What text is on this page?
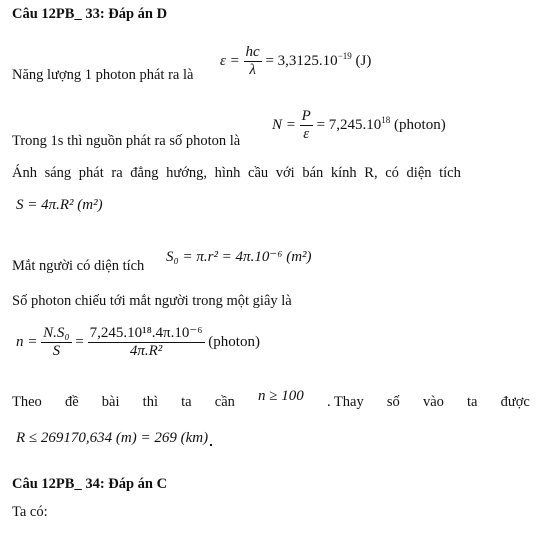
Câu 12PB_ 33: Đáp án D
Năng lượng 1 photon phát ra là
$\varepsilon = \frac{hc}{\lambda} = 3,3125.10^{-19}$ (J)
Trong 1s thì nguồn phát ra số photon là
$N = \frac{P}{\varepsilon} = 7,245.10^{18}$ (photon)
Ánh sáng phát ra đẳng hướng, hình cầu với bán kính R, có diện tích
S = 4π.R² (m²)
Mắt người có diện tích
S₀ = π.r² = 4π.10⁻⁶ (m²)
Số photon chiếu tới mắt người trong một giây là
$n = \frac{\text{N.S₀}}{S} = \frac{\text{7,245.10¹⁸.4π.10⁻⁶}}{\text{4π.R²}}$ (photon)
Theo đề bài thì ta cần n ≥ 100 . Thay số vào ta được
R ≤ 269170,634 (m) = 269 (km)
Câu 12PB_ 34: Đáp án C
Ta có:
